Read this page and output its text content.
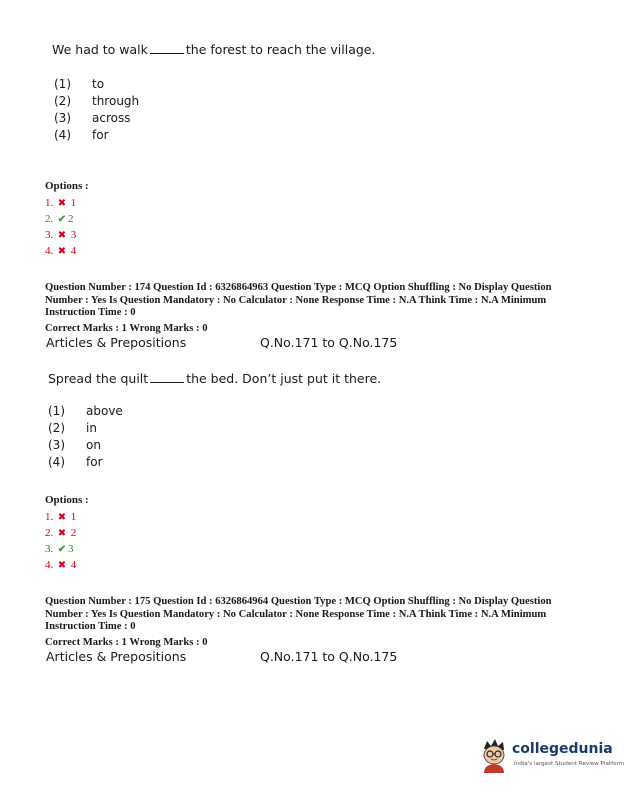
We had to walk	the forest to reach the village.
(1) to
(2) through
(3) across
(4) for
Options :
1. ✖ 1
2. ✔ 2
3. ✖ 3
4. ✖ 4
Question Number : 174 Question Id : 6326864963 Question Type : MCQ Option Shuffling : No Display Question
Number : Yes Is Question Mandatory : No Calculator : None Response Time : N.A Think Time : N.A Minimum
Instruction Time : 0
Correct Marks : 1 Wrong Marks : 0
Articles & Prepositions	Q.No.171 to Q.No.175
Spread the quilt	the bed. Don’t just put it there.
(1) above
(2) in
(3) on
(4) for
Options :
1. ✖ 1
2. ✖ 2
3. ✔ 3
4. ✖ 4
Question Number : 175 Question Id : 6326864964 Question Type : MCQ Option Shuffling : No Display Question
Number : Yes Is Question Mandatory : No Calculator : None Response Time : N.A Think Time : N.A Minimum
Instruction Time : 0
Correct Marks : 1 Wrong Marks : 0
Articles & Prepositions	Q.No.171 to Q.No.175
collegedunia
India's largest Student Review Platform
